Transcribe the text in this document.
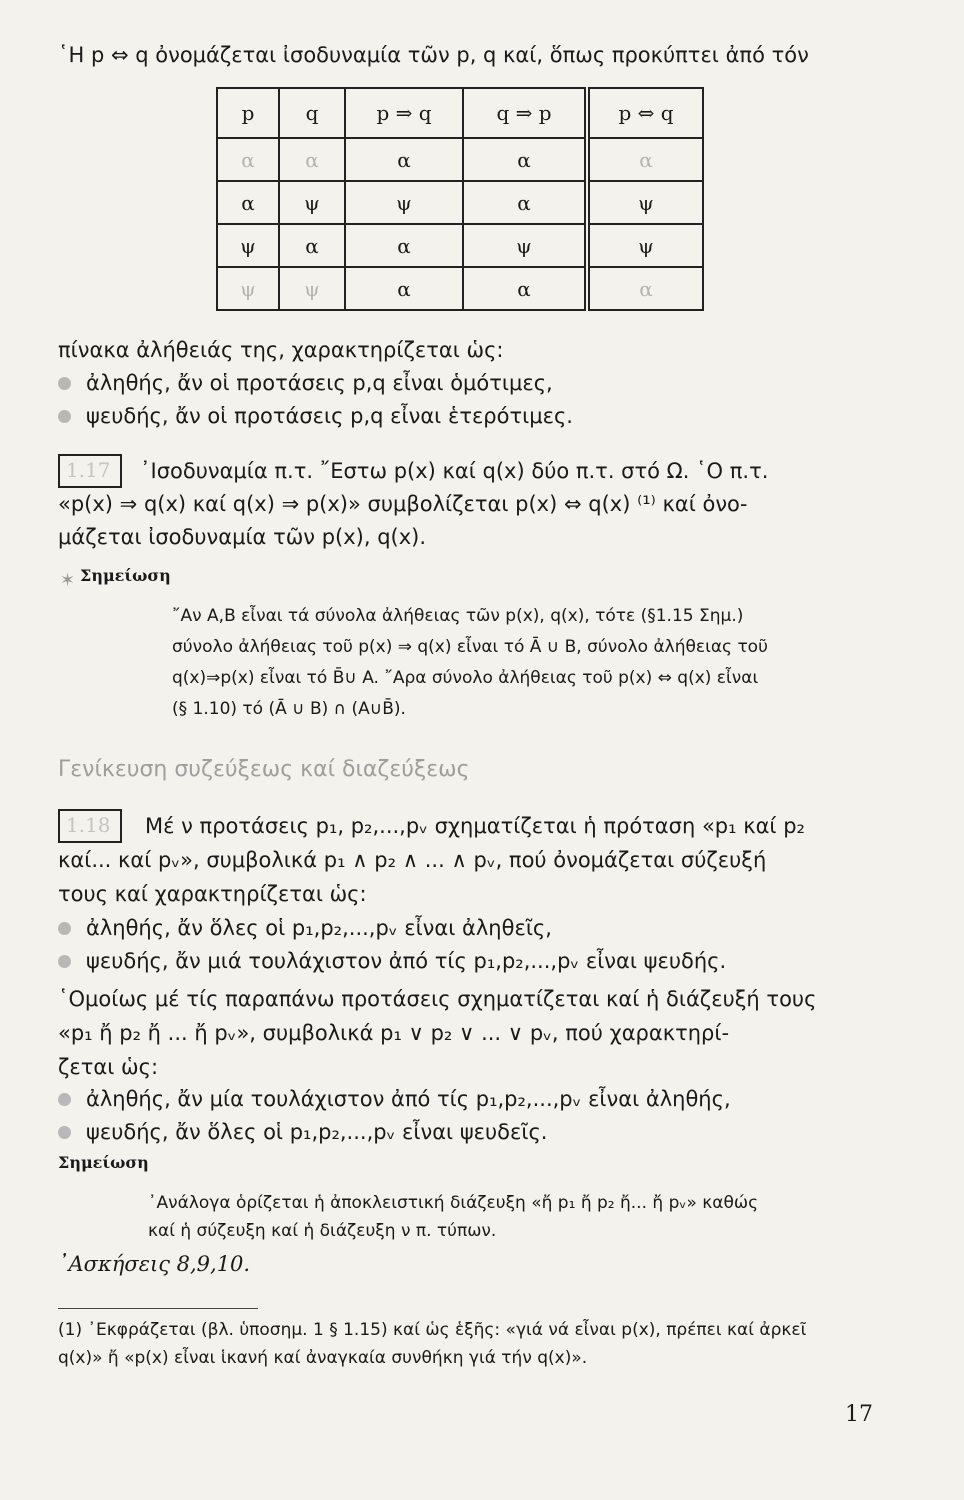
῾Η p ⇔ q ὀνομάζεται ἰσοδυναμία τῶν p, q καί, ὅπως προκύπτει ἀπό τόν
p	q	p ⇒ q	q ⇒ p	p ⇔ q
α	α	α	α	α
α	ψ	ψ	α	ψ
ψ	α	α	ψ	ψ
ψ	ψ	α	α	α
πίνακα ἀλήθειάς της, χαρακτηρίζεται ὡς:
ἀληθής, ἄν οἱ προτάσεις p,q εἶναι ὁμότιμες,
ψευδής, ἄν οἱ προτάσεις p,q εἶναι ἑτερότιμες.
1.17 ᾿Ισοδυναμία π.τ. ῎Εστω p(x) καί q(x) δύο π.τ. στό Ω. ῾Ο π.τ.
«p(x) ⇒ q(x) καί q(x) ⇒ p(x)» συμβολίζεται p(x) ⇔ q(x) ⁽¹⁾ καί ὀνο-
μάζεται ἰσοδυναμία τῶν p(x), q(x).
✶ Σημείωση
῎Αν Α,Β εἶναι τά σύνολα ἀλήθειας τῶν p(x), q(x), τότε (§1.15 Σημ.)
σύνολο ἀλήθειας τοῦ p(x) ⇒ q(x) εἶναι τό Ā ∪ B, σύνολο ἀλήθειας τοῦ
q(x)⇒p(x) εἶναι τό B̄∪ A. ῎Αρα σύνολο ἀλήθειας τοῦ p(x) ⇔ q(x) εἶναι
(§ 1.10) τό (Ā ∪ B) ∩ (A∪B̄).
Γενίκευση συζεύξεως καί διαζεύξεως
1.18 Μέ ν προτάσεις p₁, p₂,...,pᵥ σχηματίζεται ἡ πρόταση «p₁ καί p₂
καί... καί pᵥ», συμβολικά p₁ ∧ p₂ ∧ ... ∧ pᵥ, πού ὀνομάζεται σύζευξή
τους καί χαρακτηρίζεται ὡς:
ἀληθής, ἄν ὅλες οἱ p₁,p₂,...,pᵥ εἶναι ἀληθεῖς,
ψευδής, ἄν μιά τουλάχιστον ἀπό τίς p₁,p₂,...,pᵥ εἶναι ψευδής.
῾Ομοίως μέ τίς παραπάνω προτάσεις σχηματίζεται καί ἡ διάζευξή τους
«p₁ ἤ p₂ ἤ ... ἤ pᵥ», συμβολικά p₁ ∨ p₂ ∨ ... ∨ pᵥ, πού χαρακτηρί-
ζεται ὡς:
ἀληθής, ἄν μία τουλάχιστον ἀπό τίς p₁,p₂,...,pᵥ εἶναι ἀληθής,
ψευδής, ἄν ὅλες οἱ p₁,p₂,...,pᵥ εἶναι ψευδεῖς.
Σημείωση
᾿Ανάλογα ὁρίζεται ἡ ἀποκλειστική διάζευξη «ἤ p₁ ἤ p₂ ἤ... ἤ pᵥ» καθώς
καί ἡ σύζευξη καί ἡ διάζευξη ν π. τύπων.
᾿Ασκήσεις 8,9,10.
(1) ᾿Εκφράζεται (βλ. ὑποσημ. 1 § 1.15) καί ὡς ἑξῆς: «γιά νά εἶναι p(x), πρέπει καί ἀρκεῖ
q(x)» ἤ «p(x) εἶναι ἱκανή καί ἀναγκαία συνθήκη γιά τήν q(x)».
17
